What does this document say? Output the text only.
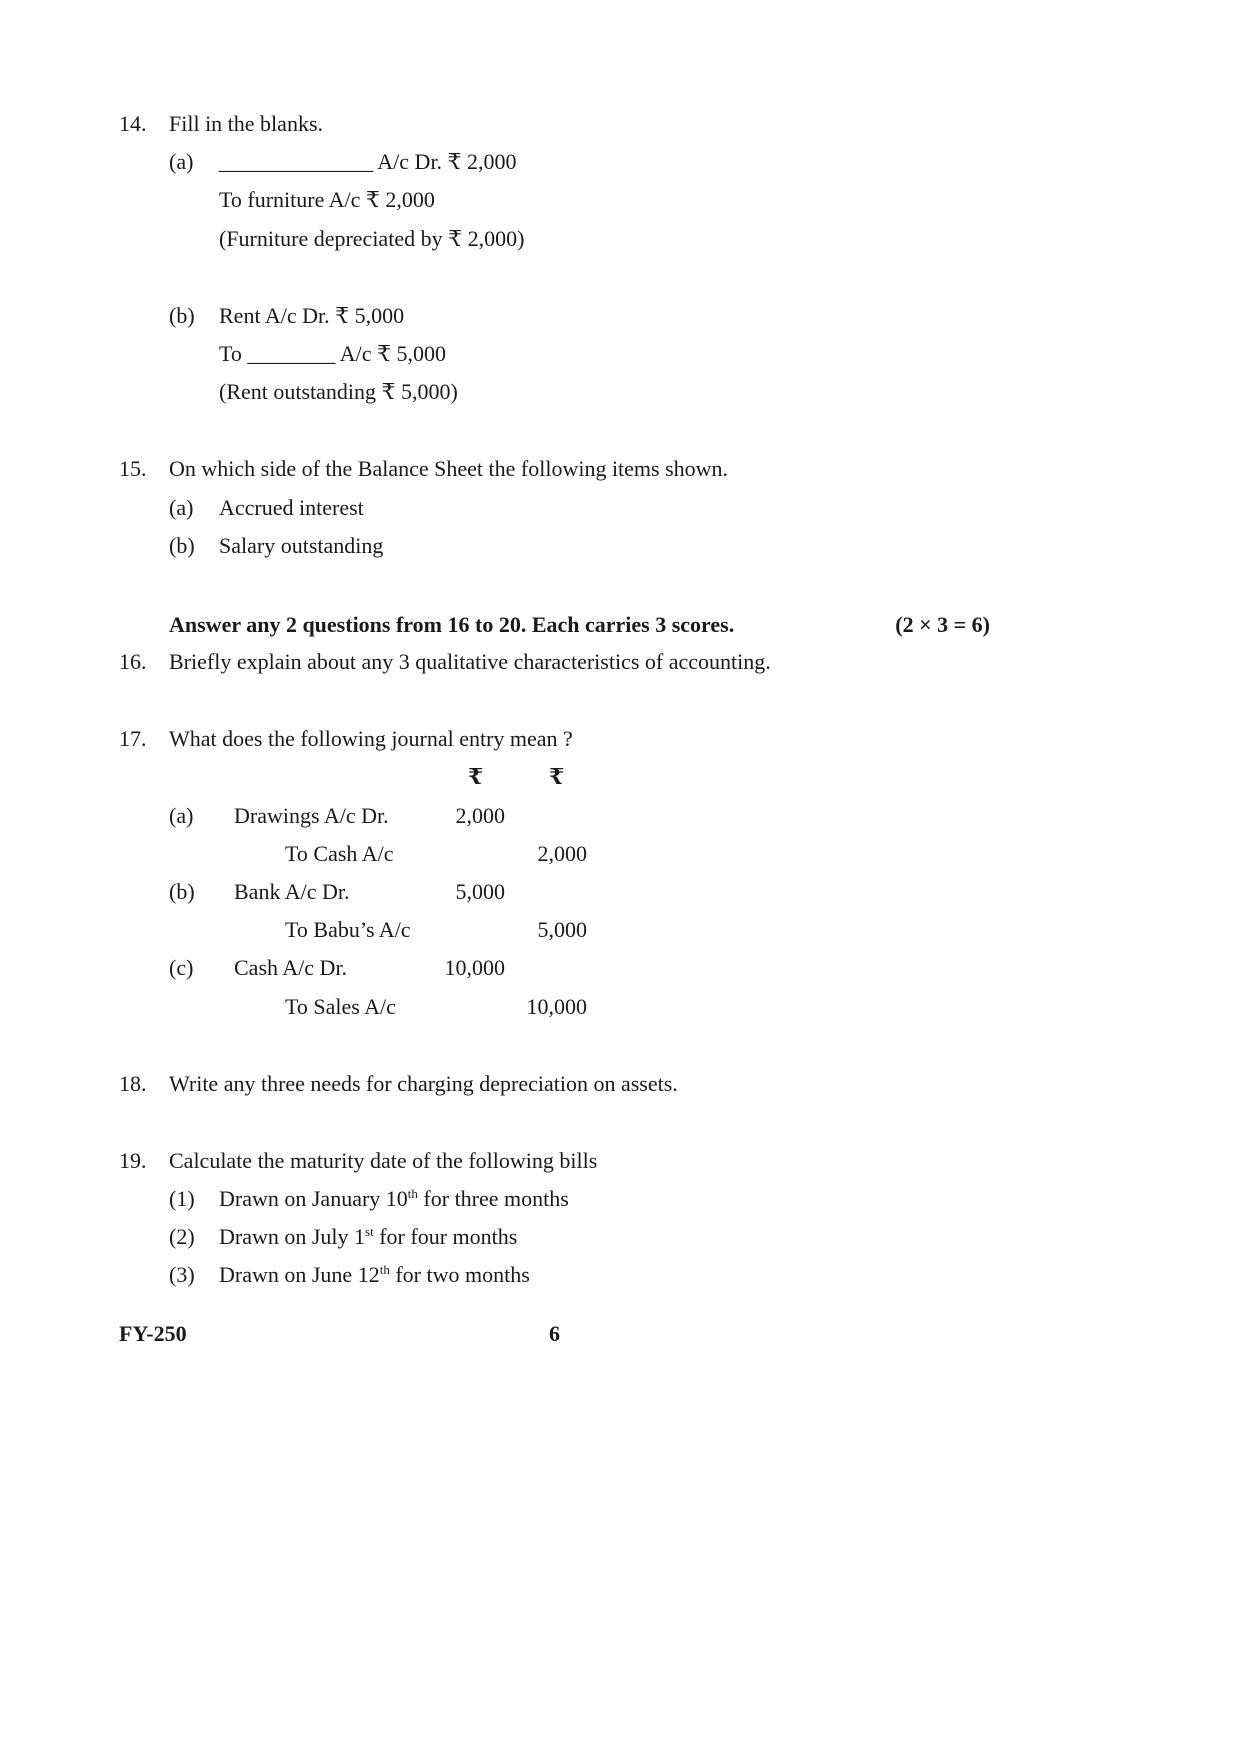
14. Fill in the blanks.
(a) ______________ A/c Dr. ₹ 2,000
To furniture A/c ₹ 2,000
(Furniture depreciated by ₹ 2,000)
(b) Rent A/c Dr. ₹ 5,000
To ________ A/c ₹ 5,000
(Rent outstanding ₹ 5,000)
15. On which side of the Balance Sheet the following items shown.
(a) Accrued interest
(b) Salary outstanding
Answer any 2 questions from 16 to 20. Each carries 3 scores.	(2 × 3 = 6)
16. Briefly explain about any 3 qualitative characteristics of accounting.
17. What does the following journal entry mean ?
₹	₹
(a) Drawings A/c Dr.	2,000
To Cash A/c	2,000
(b) Bank A/c Dr.	5,000
To Babu’s A/c	5,000
(c) Cash A/c Dr.	10,000
To Sales A/c	10,000
18. Write any three needs for charging depreciation on assets.
19. Calculate the maturity date of the following bills
(1) Drawn on January 10th for three months
(2) Drawn on July 1st for four months
(3) Drawn on June 12th for two months
FY-250	6
